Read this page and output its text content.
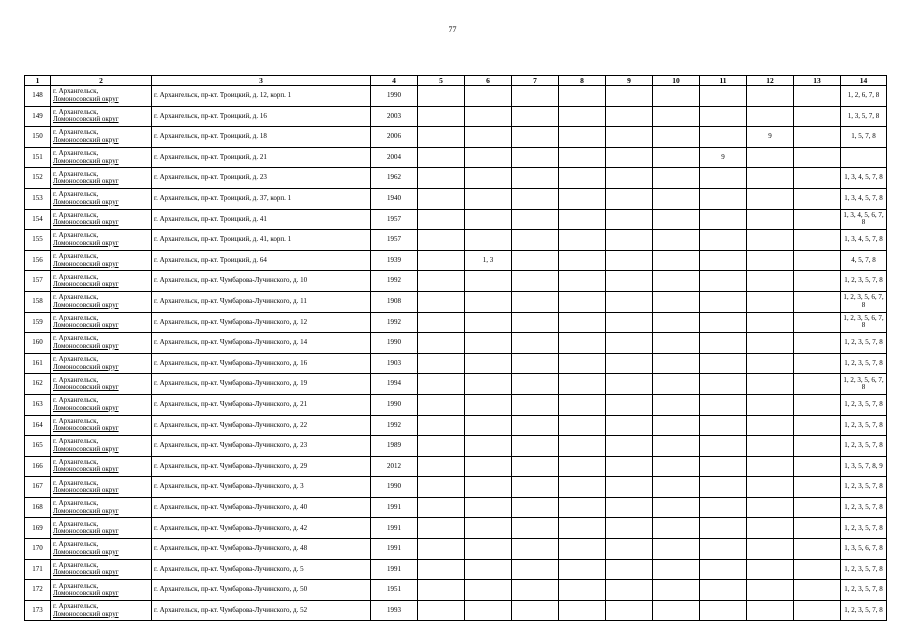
77
1	2	3	4	5	6	7	8	9	10	11	12	13	14
148	г. Архангельск,
Ломоносовский округ	г. Архангельск, пр-кт. Троицкий, д. 12, корп. 1	1990										1, 2, 6, 7, 8
149	г. Архангельск,
Ломоносовский округ	г. Архангельск, пр-кт. Троицкий, д. 16	2003										1, 3, 5, 7, 8
150	г. Архангельск,
Ломоносовский округ	г. Архангельск, пр-кт. Троицкий, д. 18	2006								9		1, 5, 7, 8
151	г. Архангельск,
Ломоносовский округ	г. Архангельск, пр-кт. Троицкий, д. 21	2004							9			
152	г. Архангельск,
Ломоносовский округ	г. Архангельск, пр-кт. Троицкий, д. 23	1962										1, 3, 4, 5, 7, 8
153	г. Архангельск,
Ломоносовский округ	г. Архангельск, пр-кт. Троицкий, д. 37, корп. 1	1940										1, 3, 4, 5, 7, 8
154	г. Архангельск,
Ломоносовский округ	г. Архангельск, пр-кт. Троицкий, д. 41	1957										1, 3, 4, 5, 6, 7, 8
155	г. Архангельск,
Ломоносовский округ	г. Архангельск, пр-кт. Троицкий, д. 41, корп. 1	1957										1, 3, 4, 5, 7, 8
156	г. Архангельск,
Ломоносовский округ	г. Архангельск, пр-кт. Троицкий, д. 64	1939		1, 3								4, 5, 7, 8
157	г. Архангельск,
Ломоносовский округ	г. Архангельск, пр-кт. Чумбарова-Лучинского, д. 10	1992										1, 2, 3, 5, 7, 8
158	г. Архангельск,
Ломоносовский округ	г. Архангельск, пр-кт. Чумбарова-Лучинского, д. 11	1908										1, 2, 3, 5, 6, 7, 8
159	г. Архангельск,
Ломоносовский округ	г. Архангельск, пр-кт. Чумбарова-Лучинского, д. 12	1992										1, 2, 3, 5, 6, 7, 8
160	г. Архангельск,
Ломоносовский округ	г. Архангельск, пр-кт. Чумбарова-Лучинского, д. 14	1990										1, 2, 3, 5, 7, 8
161	г. Архангельск,
Ломоносовский округ	г. Архангельск, пр-кт. Чумбарова-Лучинского, д. 16	1903										1, 2, 3, 5, 7, 8
162	г. Архангельск,
Ломоносовский округ	г. Архангельск, пр-кт. Чумбарова-Лучинского, д. 19	1994										1, 2, 3, 5, 6, 7, 8
163	г. Архангельск,
Ломоносовский округ	г. Архангельск, пр-кт. Чумбарова-Лучинского, д. 21	1990										1, 2, 3, 5, 7, 8
164	г. Архангельск,
Ломоносовский округ	г. Архангельск, пр-кт. Чумбарова-Лучинского, д. 22	1992										1, 2, 3, 5, 7, 8
165	г. Архангельск,
Ломоносовский округ	г. Архангельск, пр-кт. Чумбарова-Лучинского, д. 23	1989										1, 2, 3, 5, 7, 8
166	г. Архангельск,
Ломоносовский округ	г. Архангельск, пр-кт. Чумбарова-Лучинского, д. 29	2012										1, 3, 5, 7, 8, 9
167	г. Архангельск,
Ломоносовский округ	г. Архангельск, пр-кт. Чумбарова-Лучинского, д. 3	1990										1, 2, 3, 5, 7, 8
168	г. Архангельск,
Ломоносовский округ	г. Архангельск, пр-кт. Чумбарова-Лучинского, д. 40	1991										1, 2, 3, 5, 7, 8
169	г. Архангельск,
Ломоносовский округ	г. Архангельск, пр-кт. Чумбарова-Лучинского, д. 42	1991										1, 2, 3, 5, 7, 8
170	г. Архангельск,
Ломоносовский округ	г. Архангельск, пр-кт. Чумбарова-Лучинского, д. 48	1991										1, 3, 5, 6, 7, 8
171	г. Архангельск,
Ломоносовский округ	г. Архангельск, пр-кт. Чумбарова-Лучинского, д. 5	1991										1, 2, 3, 5, 7, 8
172	г. Архангельск,
Ломоносовский округ	г. Архангельск, пр-кт. Чумбарова-Лучинского, д. 50	1951										1, 2, 3, 5, 7, 8
173	г. Архангельск,
Ломоносовский округ	г. Архангельск, пр-кт. Чумбарова-Лучинского, д. 52	1993										1, 2, 3, 5, 7, 8
